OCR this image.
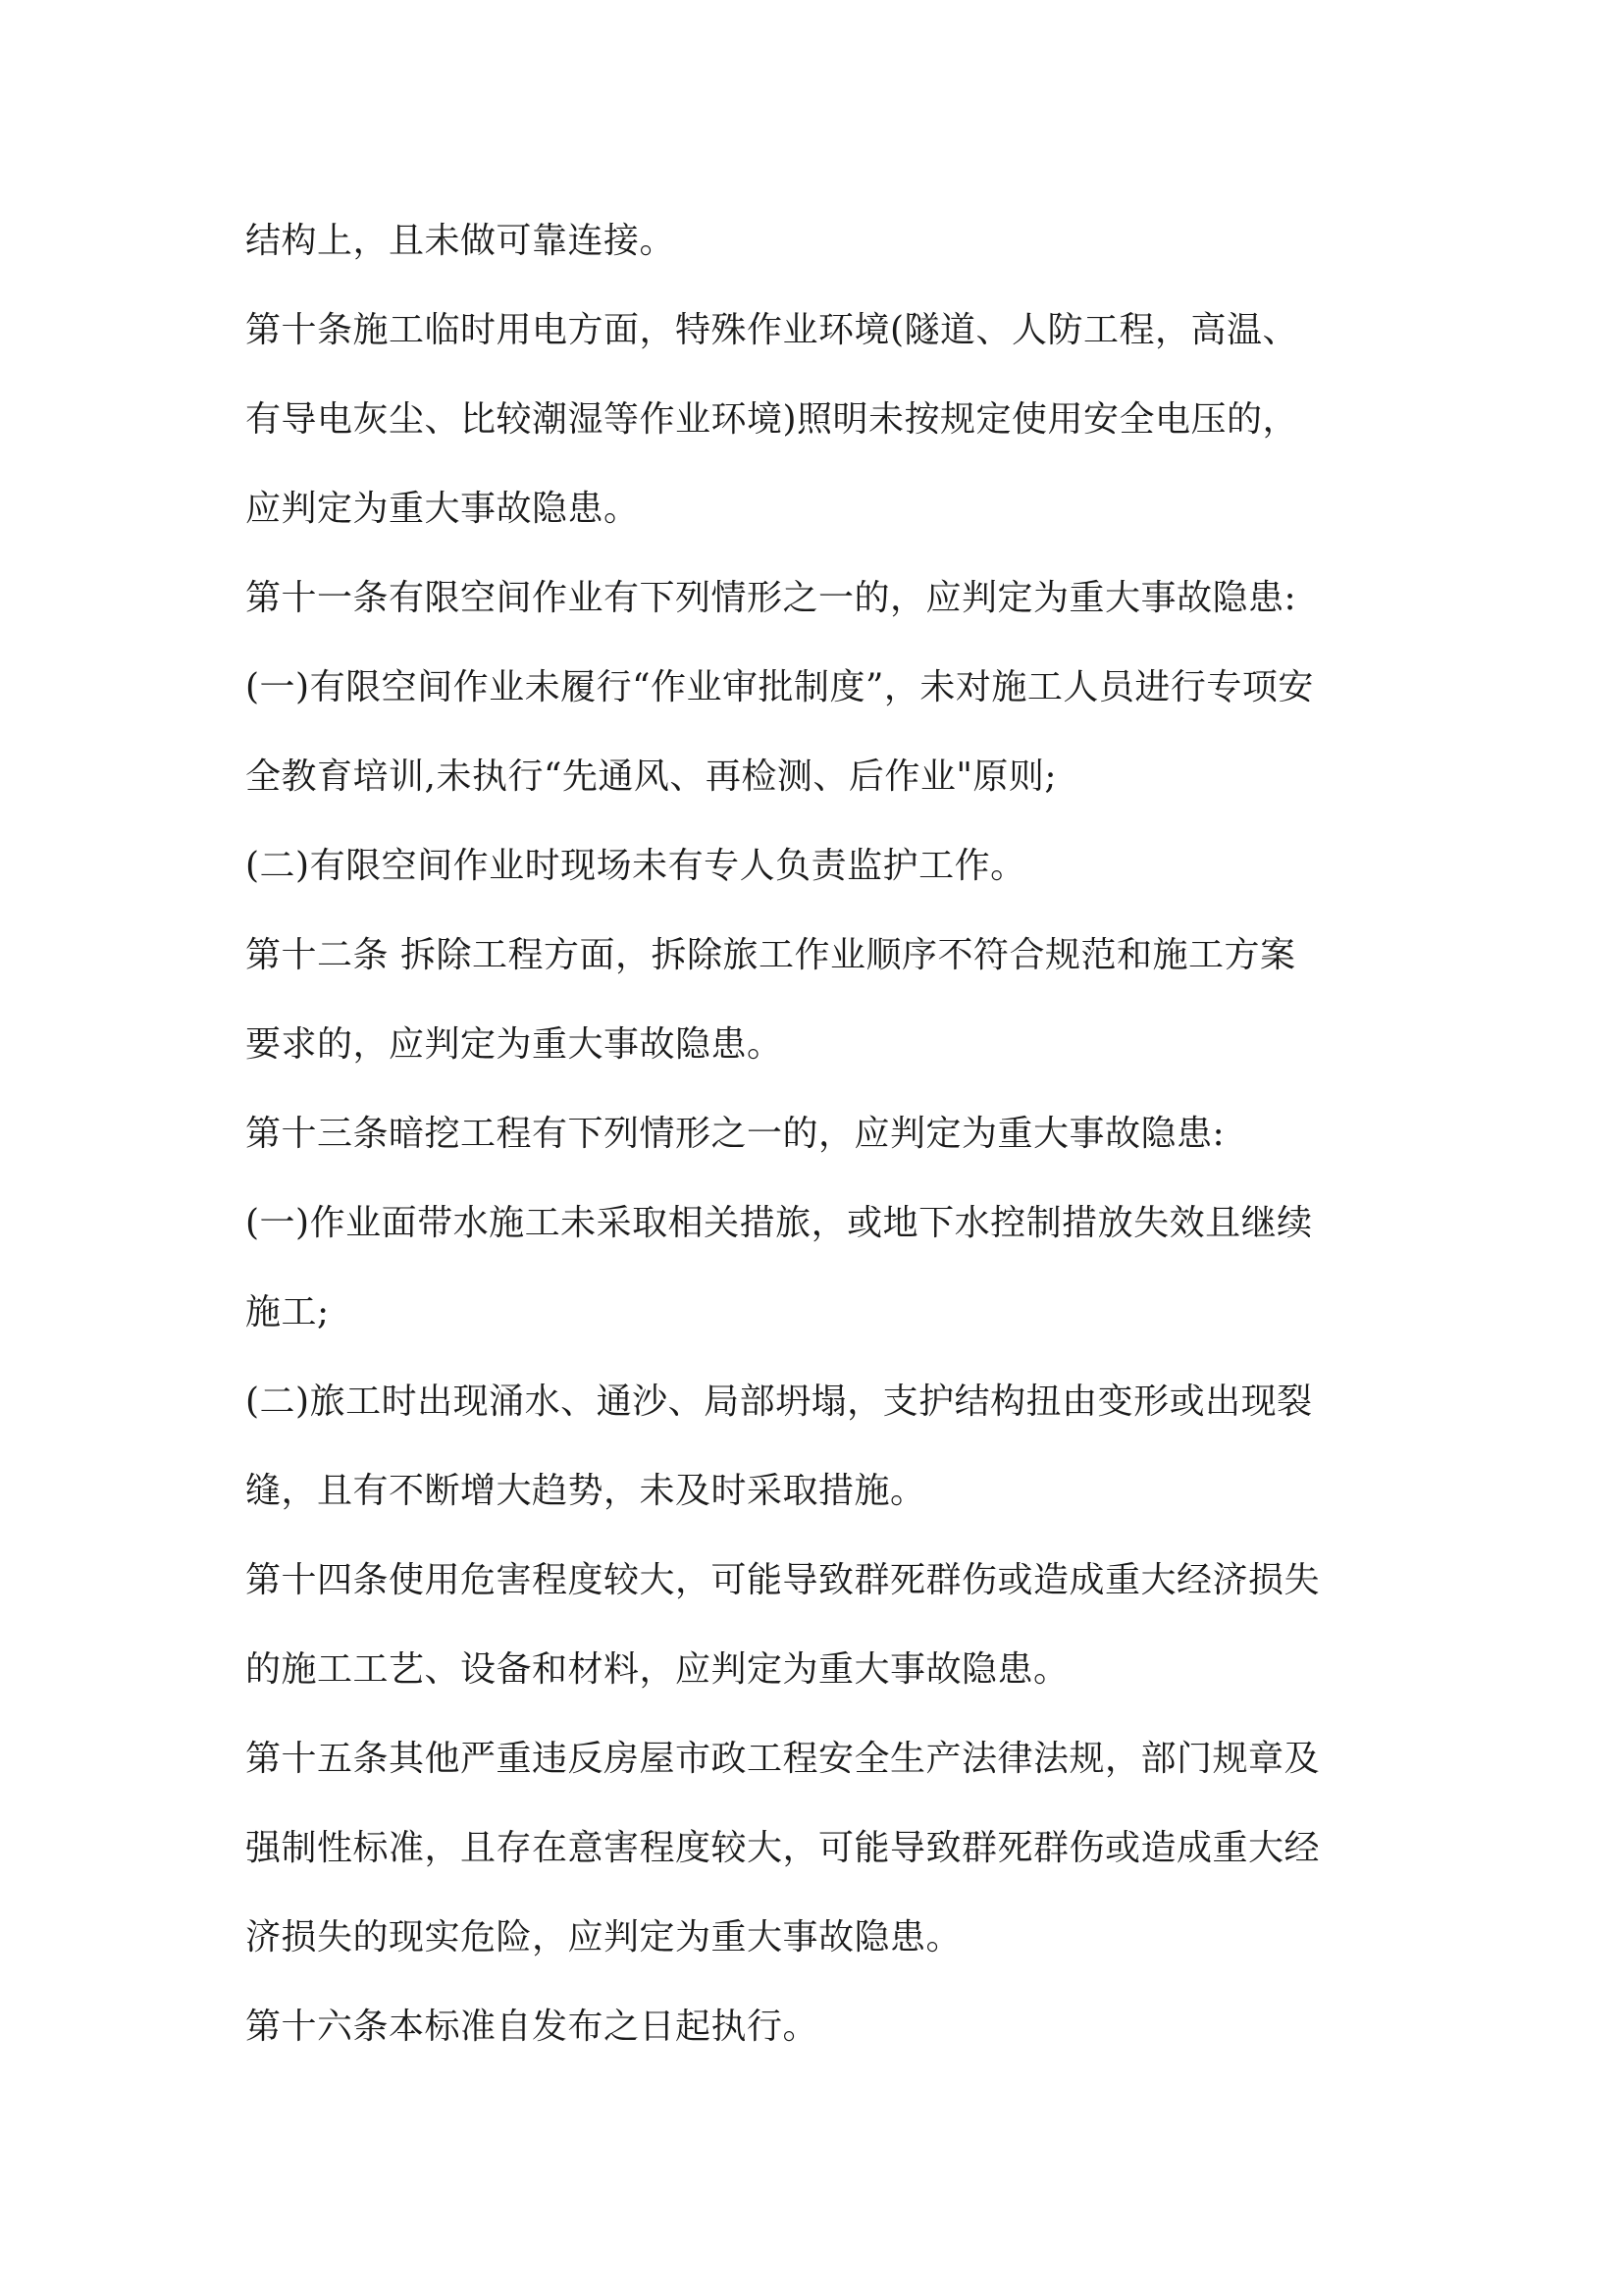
结构上，且未做可靠连接。
第十条施工临时用电方面，特殊作业环境(隧道、人防工程，高温、
有导电灰尘、比较潮湿等作业环境)照明未按规定使用安全电压的，
应判定为重大事故隐患。
第十一条有限空间作业有下列情形之一的，应判定为重大事故隐患:
(一)有限空间作业未履行“作业审批制度”，未对施工人员进行专项安
全教育培训,未执行“先通风、再检测、后作业"原则;
(二)有限空间作业时现场未有专人负责监护工作。
第十二条 拆除工程方面，拆除旅工作业顺序不符合规范和施工方案
要求的，应判定为重大事故隐患。
第十三条暗挖工程有下列情形之一的，应判定为重大事故隐患:
(一)作业面带水施工未采取相关措旅，或地下水控制措放失效且继续
施工;
(二)旅工时出现涌水、通沙、局部坍塌，支护结构扭由变形或出现裂
缝，且有不断增大趋势，未及时采取措施。
第十四条使用危害程度较大，可能导致群死群伤或造成重大经济损失
的施工工艺、设备和材料，应判定为重大事故隐患。
第十五条其他严重违反房屋市政工程安全生产法律法规，部门规章及
强制性标准，且存在意害程度较大，可能导致群死群伤或造成重大经
济损失的现实危险，应判定为重大事故隐患。
第十六条本标准自发布之日起执行。
